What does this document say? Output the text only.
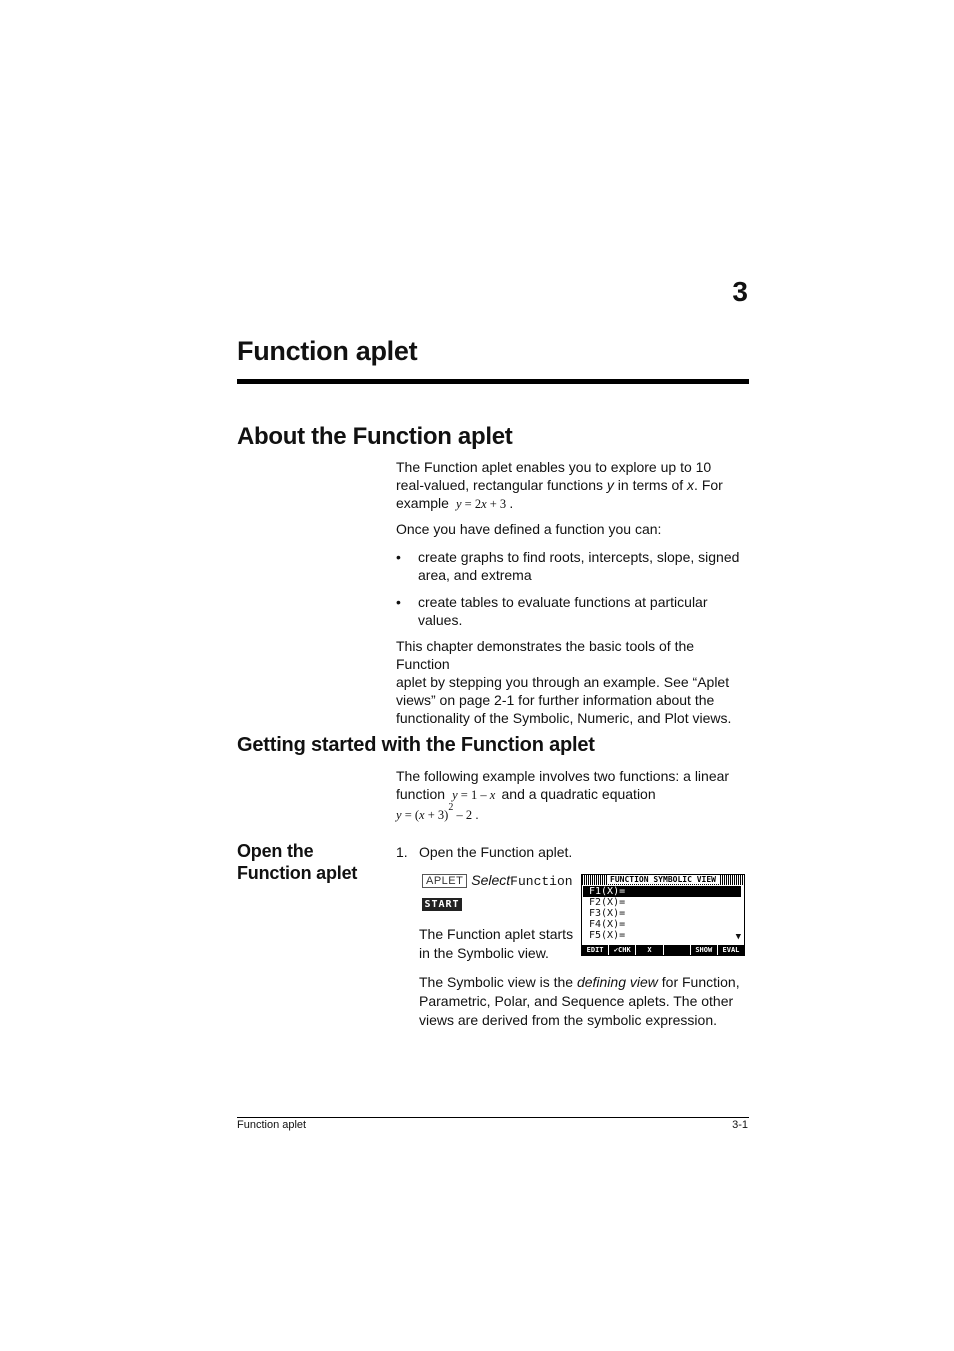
3
Function aplet
About the Function aplet
The Function aplet enables you to explore up to 10
real-valued, rectangular functions y in terms of x. For
example y = 2x + 3 .
Once you have defined a function you can:
• create graphs to find roots, intercepts, slope, signed
area, and extrema
• create tables to evaluate functions at particular
values.
This chapter demonstrates the basic tools of the Function
aplet by stepping you through an example. See “Aplet
views” on page 2-1 for further information about the
functionality of the Symbolic, Numeric, and Plot views.
Getting started with the Function aplet
The following example involves two functions: a linear
function y = 1 – x and a quadratic equation
$y = (x + 3)^2 - 2$ .
Open the Function aplet
1. Open the Function aplet.
APLET SelectFunction
START
FUNCTION SYMBOLIC VIEW
F1(X)=
F2(X)=
F3(X)=
F4(X)=
F5(X)=	▼
EDIT	✔CHK	X	SHOW	EVAL
The Function aplet starts
in the Symbolic view.
The Symbolic view is the defining view for Function,
Parametric, Polar, and Sequence aplets. The other
views are derived from the symbolic expression.
Function aplet	3-1
